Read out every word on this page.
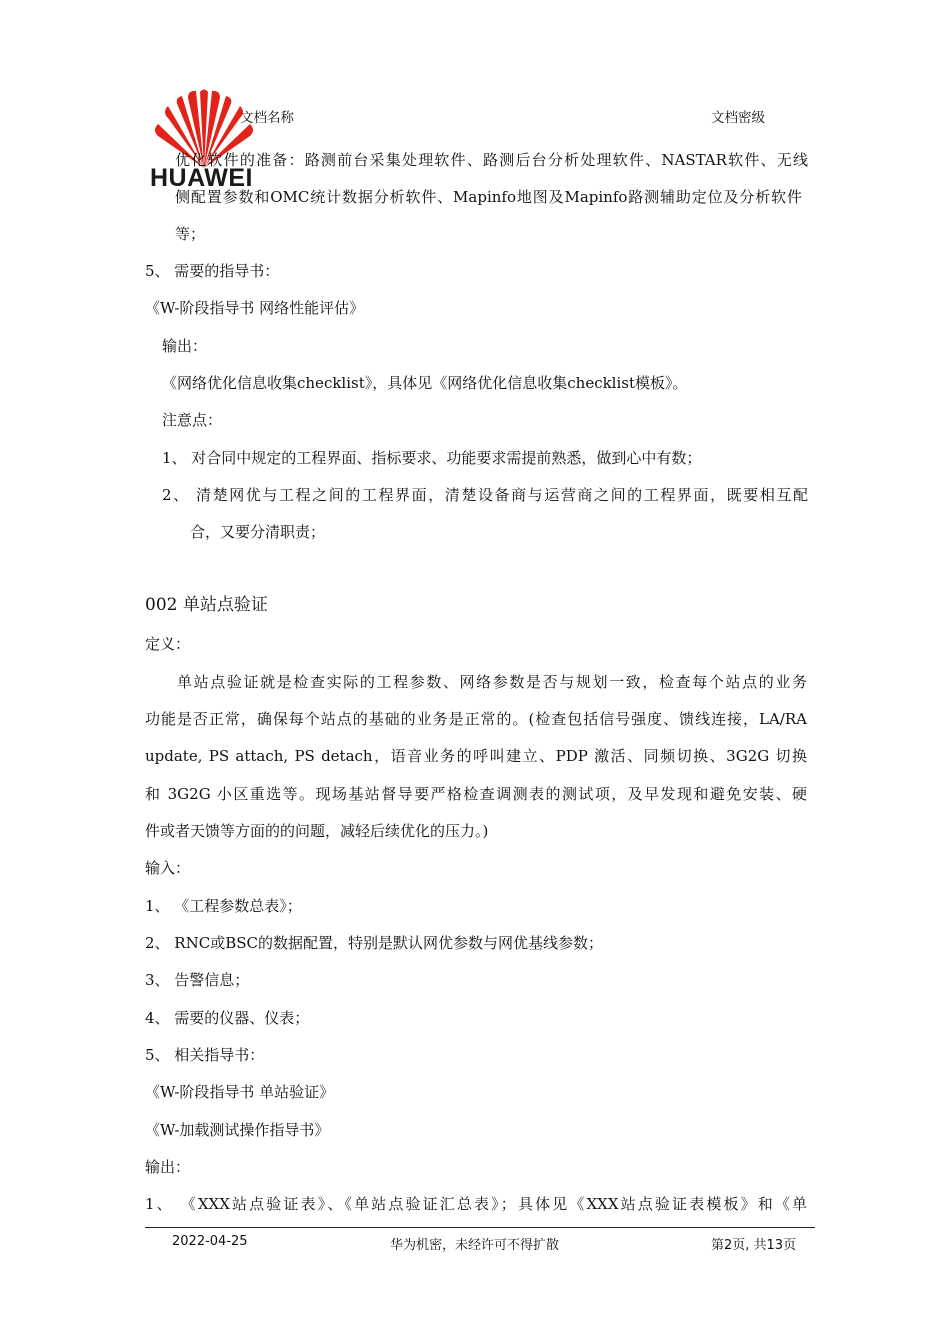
HUAWEI
文档名称	文档密级
优化软件的准备：路测前台采集处理软件、路测后台分析处理软件、NASTAR软件、无线
侧配置参数和OMC统计数据分析软件、Mapinfo地图及Mapinfo路测辅助定位及分析软件
等；
5、 需要的指导书：
《W-阶段指导书 网络性能评估》
输出：
《网络优化信息收集checklist》，具体见《网络优化信息收集checklist模板》。
注意点：
1、 对合同中规定的工程界面、指标要求、功能要求需提前熟悉，做到心中有数；
2、 清楚网优与工程之间的工程界面，清楚设备商与运营商之间的工程界面，既要相互配
合，又要分清职责；
002 单站点验证
定义：
单站点验证就是检查实际的工程参数、网络参数是否与规划一致，检查每个站点的业务
功能是否正常，确保每个站点的基础的业务是正常的。(检查包括信号强度、馈线连接，LA/RA
update, PS attach, PS detach，语音业务的呼叫建立、PDP 激活、同频切换、3G2G 切换
和 3G2G 小区重选等。现场基站督导要严格检查调测表的测试项，及早发现和避免安装、硬
件或者天馈等方面的的问题，减轻后续优化的压力。)
输入：
1、 《工程参数总表》；
2、 RNC或BSC的数据配置，特别是默认网优参数与网优基线参数；
3、 告警信息；
4、 需要的仪器、仪表；
5、 相关指导书：
《W-阶段指导书 单站验证》
《W-加载测试操作指导书》
输出：
1、 《XXX站点验证表》、《单站点验证汇总表》；具体见《XXX站点验证表模板》和《单
2022-04-25	华为机密，未经许可不得扩散	第2页, 共13页
